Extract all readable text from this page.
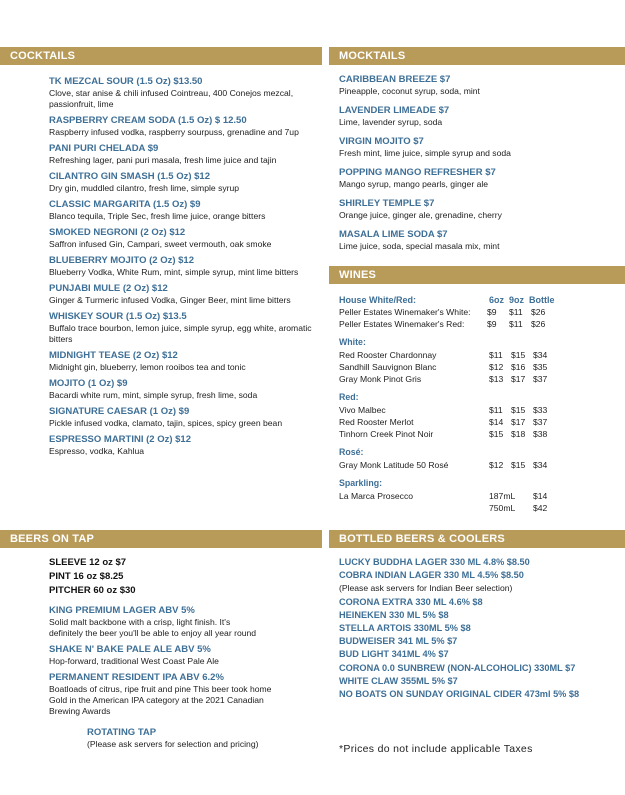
COCKTAILS	MOCKTAILS
WINES
BEERS ON TAP	BOTTLED BEERS & COOLERS
TK MEZCAL SOUR (1.5 Oz) $13.50
Clove, star anise & chili infused Cointreau, 400 Conejos mezcal, passionfruit, lime
RASPBERRY CREAM SODA (1.5 Oz) $ 12.50
Raspberry infused vodka, raspberry sourpuss, grenadine and 7up
PANI PURI CHELADA $9
Refreshing lager, pani puri masala, fresh lime juice and tajin
CILANTRO GIN SMASH (1.5 Oz) $12
Dry gin, muddled cilantro, fresh lime, simple syrup
CLASSIC MARGARITA (1.5 Oz) $9
Blanco tequila, Triple Sec, fresh lime juice, orange bitters
SMOKED NEGRONI (2 Oz) $12
Saffron infused Gin, Campari, sweet vermouth, oak smoke
BLUEBERRY MOJITO (2 Oz) $12
Blueberry Vodka, White Rum, mint, simple syrup, mint lime bitters
PUNJABI MULE (2 Oz) $12
Ginger & Turmeric infused Vodka, Ginger Beer, mint lime bitters
WHISKEY SOUR (1.5 Oz) $13.5
Buffalo trace bourbon, lemon juice, simple syrup, egg white, aromatic bitters
MIDNIGHT TEASE (2 Oz) $12
Midnight gin, blueberry, lemon rooibos tea and tonic
MOJITO (1 Oz) $9
Bacardi white rum, mint, simple syrup, fresh lime, soda
SIGNATURE CAESAR (1 Oz) $9
Pickle infused vodka, clamato, tajin, spices, spicy green bean
ESPRESSO MARTINI (2 Oz) $12
Espresso, vodka, Kahlua
CARIBBEAN BREEZE $7
Pineapple, coconut syrup, soda, mint
LAVENDER LIMEADE $7
Lime, lavender syrup, soda
VIRGIN MOJITO $7
Fresh mint, lime juice, simple syrup and soda
POPPING MANGO REFRESHER $7
Mango syrup, mango pearls, ginger ale
SHIRLEY TEMPLE $7
Orange juice, ginger ale, grenadine, cherry
MASALA LIME SODA $7
Lime juice, soda, special masala mix, mint
House White/Red:	6oz  9oz  Bottle
Peller Estates Winemaker's White:	$9	$11 $26
Peller Estates Winemaker's Red:	$9	$11 $26
White:
Red Rooster Chardonnay	$11 $15 $34
Sandhill Sauvignon Blanc	$12 $16 $35
Gray Monk Pinot Gris	$13 $17 $37
Red:
Vivo Malbec	$11 $15 $33
Red Rooster Merlot	$14 $17 $37
Tinhorn Creek Pinot Noir	$15 $18 $38
Rosé:
Gray Monk Latitude 50 Rosé	$12 $15 $34
Sparkling:
La Marca Prosecco	187mL	$14
750mL	$42
SLEEVE 12 oz $7
PINT 16 oz $8.25
PITCHER 60 oz $30
KING PREMIUM LAGER ABV 5%
Solid malt backbone with a crisp, light finish. It's definitely the beer you'll be able to enjoy all year round
SHAKE N' BAKE PALE ALE ABV 5%
Hop-forward, traditional West Coast Pale Ale
PERMANENT RESIDENT IPA ABV 6.2%
Boatloads of citrus, ripe fruit and pine This beer took home Gold in the American IPA category at the 2021 Canadian Brewing Awards
ROTATING TAP
(Please ask servers for selection and pricing)
LUCKY BUDDHA LAGER 330 ML 4.8% $8.50
COBRA INDIAN LAGER 330 ML 4.5% $8.50
(Please ask servers for Indian Beer selection)
CORONA EXTRA 330 ML 4.6% $8
HEINEKEN 330 ML 5% $8
STELLA ARTOIS 330ML 5% $8
BUDWEISER 341 ML 5% $7
BUD LIGHT 341ML 4% $7
CORONA 0.0 SUNBREW (NON-ALCOHOLIC) 330ML $7
WHITE CLAW 355ML 5% $7
NO BOATS ON SUNDAY ORIGINAL CIDER 473ml 5% $8
*Prices do not include applicable Taxes
